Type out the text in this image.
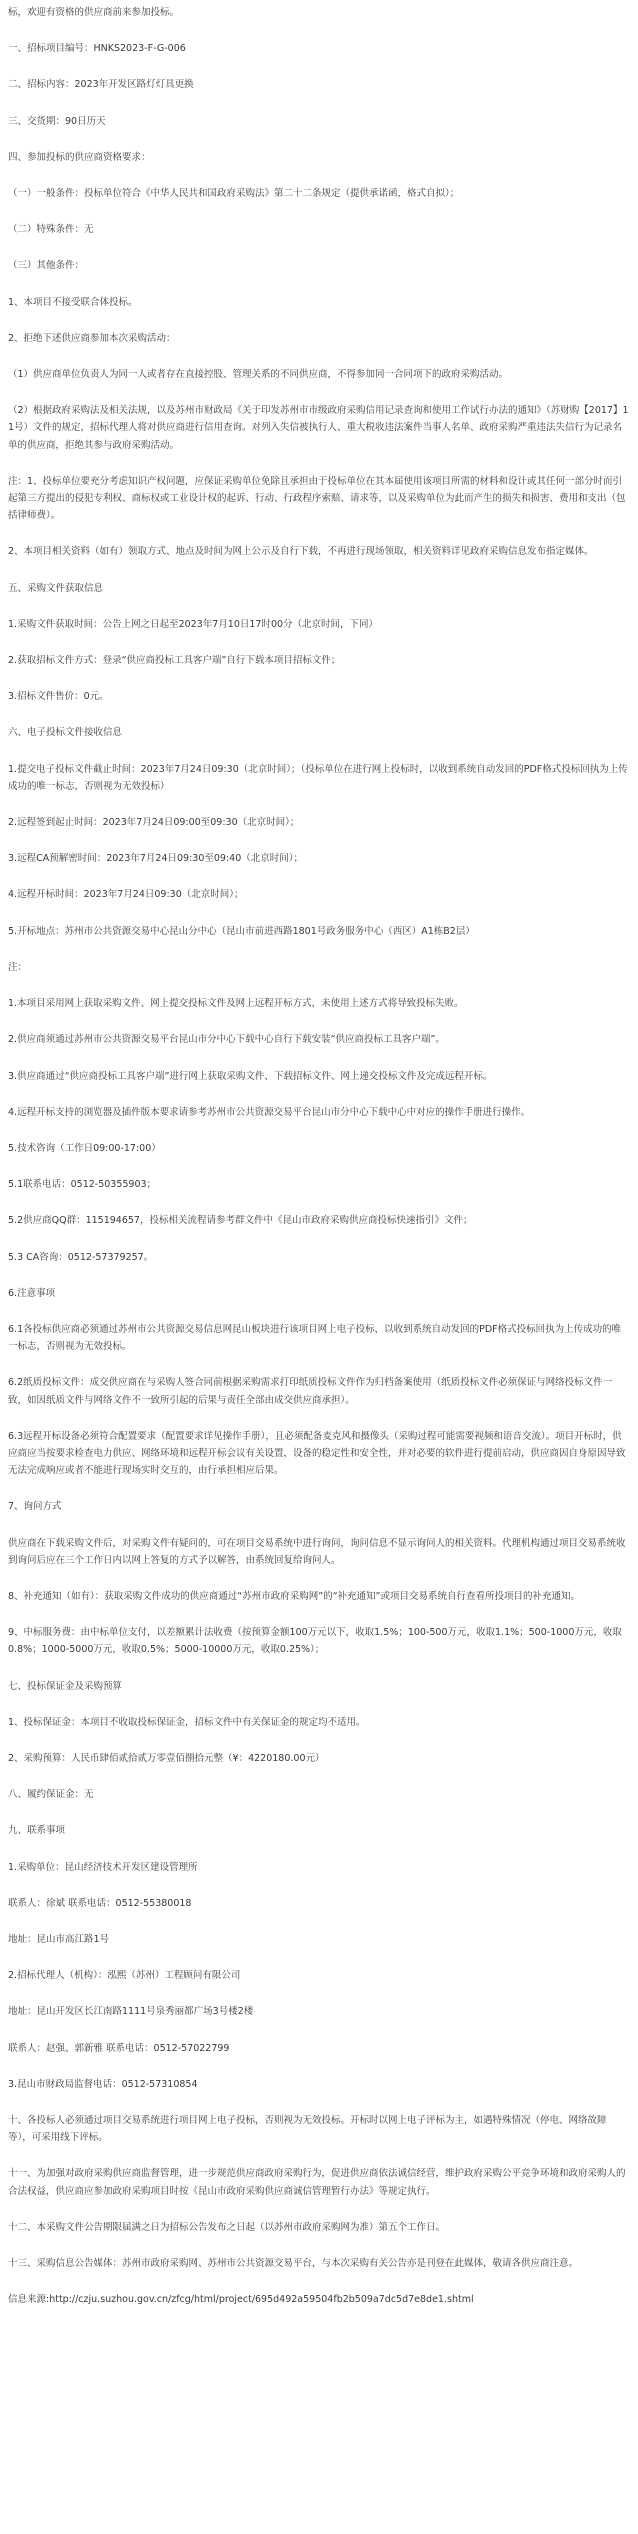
标，欢迎有资格的供应商前来参加投标。

一、招标项目编号：HNKS2023-F-G-006

二、招标内容：2023年开发区路灯灯具更换

三、交货期：90日历天

四、参加投标的供应商资格要求：

（一）一般条件：投标单位符合《中华人民共和国政府采购法》第二十二条规定（提供承诺函，格式自拟）；

（二）特殊条件：无

（三）其他条件：

1、本项目不接受联合体投标。

2、拒绝下述供应商参加本次采购活动：

（1）供应商单位负责人为同一人或者存在直接控股、管理关系的不同供应商，不得参加同一合同项下的政府采购活动。

（2）根据政府采购法及相关法规，以及苏州市财政局《关于印发苏州市市级政府采购信用记录查询和使用工作试行办法的通知》（苏财购【2017】11号）文件的规定，招标代理人将对供应商进行信用查询。对列入失信被执行人、重大税收违法案件当事人名单、政府采购严重违法失信行为记录名单的供应商，拒绝其参与政府采购活动。

注：1、投标单位要充分考虑知识产权问题，应保证采购单位免除且承担由于投标单位在其本届使用该项目所需的材料和设计或其任何一部分时而引起第三方提出的侵犯专利权、商标权或工业设计权的起诉、行动、行政程序索赔、请求等，以及采购单位为此而产生的损失和损害、费用和支出（包括律师费）。

2、本项目相关资料（如有）领取方式、地点及时间为网上公示及自行下载，不再进行现场领取，相关资料详见政府采购信息发布指定媒体。

五、采购文件获取信息

1.采购文件获取时间：公告上网之日起至2023年7月10日17时00分（北京时间，下同）

2.获取招标文件方式：登录“供应商投标工具客户端”自行下载本项目招标文件；

3.招标文件售价：0元。

六、电子投标文件接收信息

1.提交电子投标文件截止时间：2023年7月24日09:30（北京时间）；（投标单位在进行网上投标时，以收到系统自动发回的PDF格式投标回执为上传成功的唯一标志，否则视为无效投标）

2.远程签到起止时间：2023年7月24日09:00至09:30（北京时间）；

3.远程CA预解密时间：2023年7月24日09:30至09:40（北京时间）；

4.远程开标时间：2023年7月24日09:30（北京时间）；

5.开标地点：苏州市公共资源交易中心昆山分中心（昆山市前进西路1801号政务服务中心（西区）A1栋B2层）

注：

1.本项目采用网上获取采购文件、网上提交投标文件及网上远程开标方式，未使用上述方式将导致投标失败。

2.供应商须通过苏州市公共资源交易平台昆山市分中心下载中心自行下载安装“供应商投标工具客户端”。

3.供应商通过“供应商投标工具客户端”进行网上获取采购文件、下载招标文件、网上递交投标文件及完成远程开标。

4.远程开标支持的浏览器及插件版本要求请参考苏州市公共资源交易平台昆山市分中心下载中心中对应的操作手册进行操作。

5.技术咨询（工作日09:00-17:00）

5.1联系电话：0512-50355903；

5.2供应商QQ群：115194657，投标相关流程请参考群文件中《昆山市政府采购供应商投标快速指引》文件；

5.3 CA咨询：0512-57379257。

6.注意事项

6.1各投标供应商必须通过苏州市公共资源交易信息网昆山板块进行该项目网上电子投标，以收到系统自动发回的PDF格式投标回执为上传成功的唯一标志，否则视为无效投标。

6.2纸质投标文件：成交供应商在与采购人签合同前根据采购需求打印纸质投标文件作为归档备案使用（纸质投标文件必须保证与网络投标文件一致，如因纸质文件与网络文件不一致所引起的后果与责任全部由成交供应商承担）。

6.3远程开标设备必须符合配置要求（配置要求详见操作手册），且必须配备麦克风和摄像头（采购过程可能需要视频和语音交流）。项目开标时，供应商应当按要求检查电力供应、网络环境和远程开标会议有关设置，设备的稳定性和安全性，并对必要的软件进行提前启动，供应商因自身原因导致无法完成响应或者不能进行现场实时交互的，由行承担相应后果。

7、询问方式

供应商在下载采购文件后，对采购文件有疑问的，可在项目交易系统中进行询问，询问信息不显示询问人的相关资料。代理机构通过项目交易系统收到询问后应在三个工作日内以网上答复的方式予以解答，由系统回复给询问人。

8、补充通知（如有）：获取采购文件成功的供应商通过“苏州市政府采购网”的“补充通知”或项目交易系统自行查看所投项目的补充通知。

9、中标服务费：由中标单位支付，以差额累计法收费（按预算金额100万元以下，收取1.5%；100-500万元，收取1.1%；500-1000万元，收取0.8%；1000-5000万元，收取0.5%；5000-10000万元，收取0.25%）；

七、投标保证金及采购预算

1、投标保证金：本项目不收取投标保证金，招标文件中有关保证金的规定均不适用。

2、采购预算：人民币肆佰贰拾贰万零壹佰捌拾元整（¥：4220180.00元）

八、履约保证金：无

九、联系事项

1.采购单位：昆山经济技术开发区建设管理所

联系人：徐斌 联系电话：0512-55380018

地址：昆山市高江路1号

2.招标代理人（机构）：泓熙（苏州）工程顾问有限公司

地址：昆山开发区长江南路1111号泉秀丽都广场3号楼2楼

联系人：赵强、郭新雅 联系电话：0512-57022799

3.昆山市财政局监督电话：0512-57310854

十、各投标人必须通过项目交易系统进行项目网上电子投标，否则视为无效投标。开标时以网上电子评标为主，如遇特殊情况（停电、网络故障等），可采用线下评标。

十一、为加强对政府采购供应商监督管理，进一步规范供应商政府采购行为，促进供应商依法诚信经营，维护政府采购公平竞争环境和政府采购人的合法权益，供应商应参加政府采购项目时按《昆山市政府采购供应商诚信管理暂行办法》等规定执行。

十二、本采购文件公告期限届满之日为招标公告发布之日起（以苏州市政府采购网为准）第五个工作日。

十三、采购信息公告媒体：苏州市政府采购网、苏州市公共资源交易平台，与本次采购有关公告亦是刊登在此媒体，敬请各供应商注意。

信息来源:http://czju.suzhou.gov.cn/zfcg/html/project/695d492a59504fb2b509a7dc5d7e8de1.shtml
